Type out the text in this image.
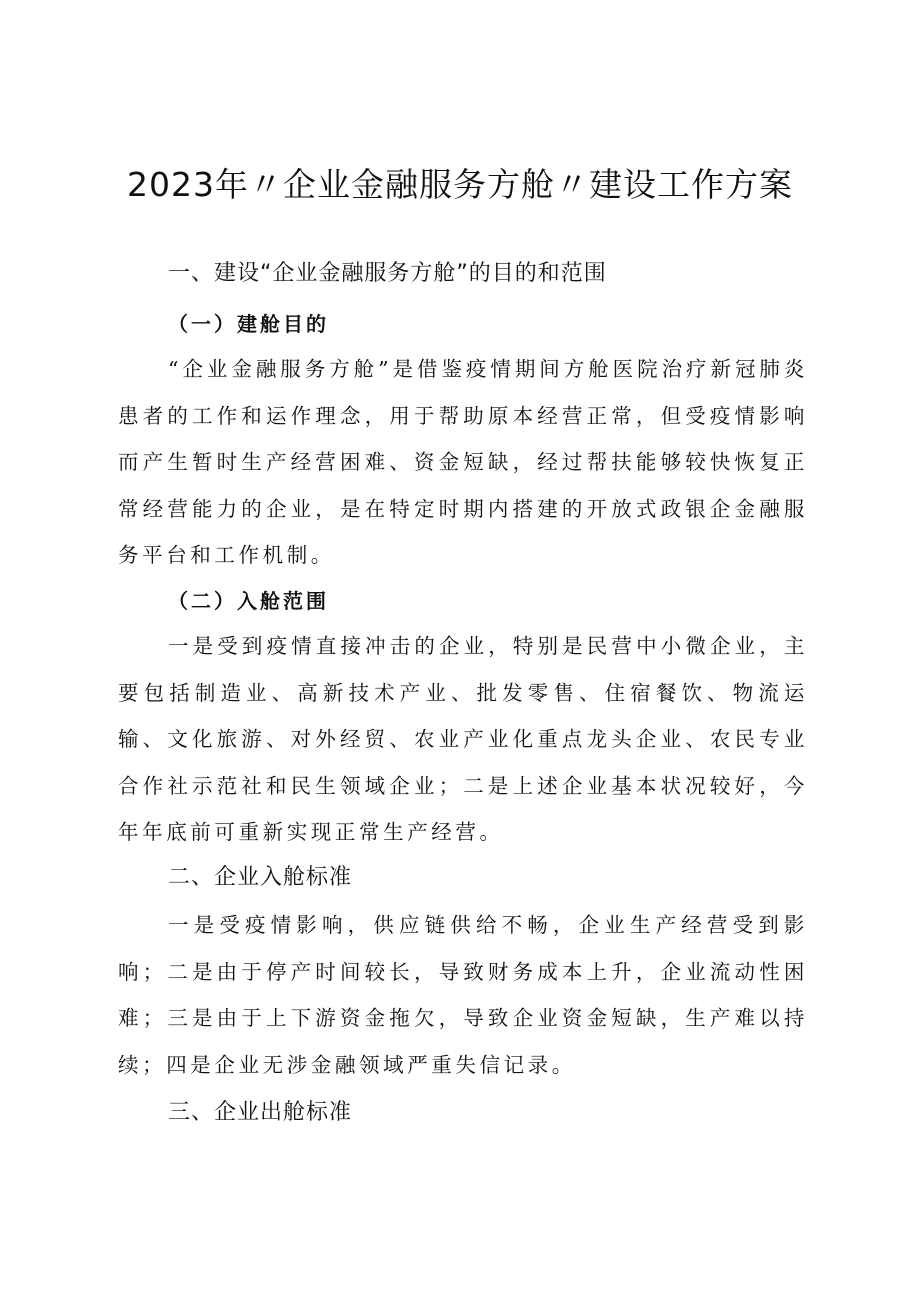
2023年〃企业金融服务方舱〃建设工作方案
一、建设“企业金融服务方舱”的目的和范围
（一）建舱目的

“企业金融服务方舱”是借鉴疫情期间方舱医院治疗新冠肺炎患者的工作和运作理念，用于帮助原本经营正常，但受疫情影响而产生暂时生产经营困难、资金短缺，经过帮扶能够较快恢复正常经营能力的企业，是在特定时期内搭建的开放式政银企金融服务平台和工作机制。

（二）入舱范围

一是受到疫情直接冲击的企业，特别是民营中小微企业，主要包括制造业、高新技术产业、批发零售、住宿餐饮、物流运输、文化旅游、对外经贸、农业产业化重点龙头企业、农民专业合作社示范社和民生领域企业；二是上述企业基本状况较好，今年年底前可重新实现正常生产经营。

二、企业入舱标准

一是受疫情影响，供应链供给不畅，企业生产经营受到影响；二是由于停产时间较长，导致财务成本上升，企业流动性困难；三是由于上下游资金拖欠，导致企业资金短缺，生产难以持续；四是企业无涉金融领域严重失信记录。

三、企业出舱标准
